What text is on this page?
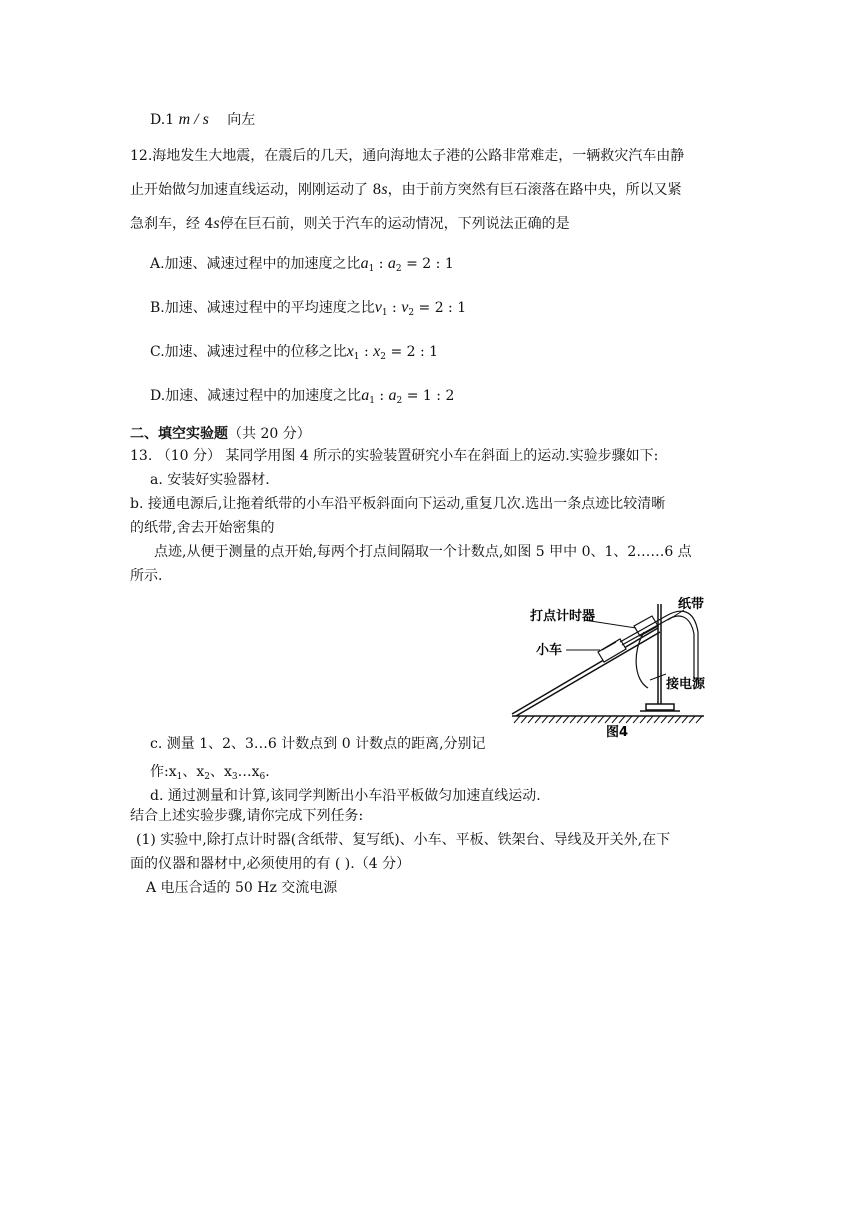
D.1 m / s 向左
12.海地发生大地震，在震后的几天，通向海地太子港的公路非常难走，一辆救灾汽车由静
止开始做匀加速直线运动，刚刚运动了 8s，由于前方突然有巨石滚落在路中央，所以又紧
急刹车，经 4s停在巨石前，则关于汽车的运动情况，下列说法正确的是
A.加速、减速过程中的加速度之比$a_1$ : $a_2 = 2$ : 1
B.加速、减速过程中的平均速度之比$v_1$ : $v_2 = 2$ : 1
C.加速、减速过程中的位移之比$x_1$ : $x_2 = 2$ : 1
D.加速、减速过程中的加速度之比$a_1$ : $a_2 = 1$ : 2
二、填空实验题（共 20 分）
13. （10 分） 某同学用图 4 所示的实验装置研究小车在斜面上的运动.实验步骤如下:
a. 安装好实验器材.
b. 接通电源后,让拖着纸带的小车沿平板斜面向下运动,重复几次.选出一条点迹比较清晰
的纸带,舍去开始密集的
点迹,从便于测量的点开始,每两个打点间隔取一个计数点,如图 5 甲中 0、1、2……6 点
所示.
打点计时器
纸带
小车
接电源
图4
c. 测量 1、2、3…6 计数点到 0 计数点的距离,分别记
作$:x_1$、$x_2$、$x_3\dots x_6$.
d. 通过测量和计算,该同学判断出小车沿平板做匀加速直线运动.
结合上述实验步骤,请你完成下列任务:
(1) 实验中,除打点计时器(含纸带、复写纸)、小车、平板、铁架台、导线及开关外,在下
面的仪器和器材中,必须使用的有 ( ).（4 分）
A 电压合适的 50 Hz 交流电源
